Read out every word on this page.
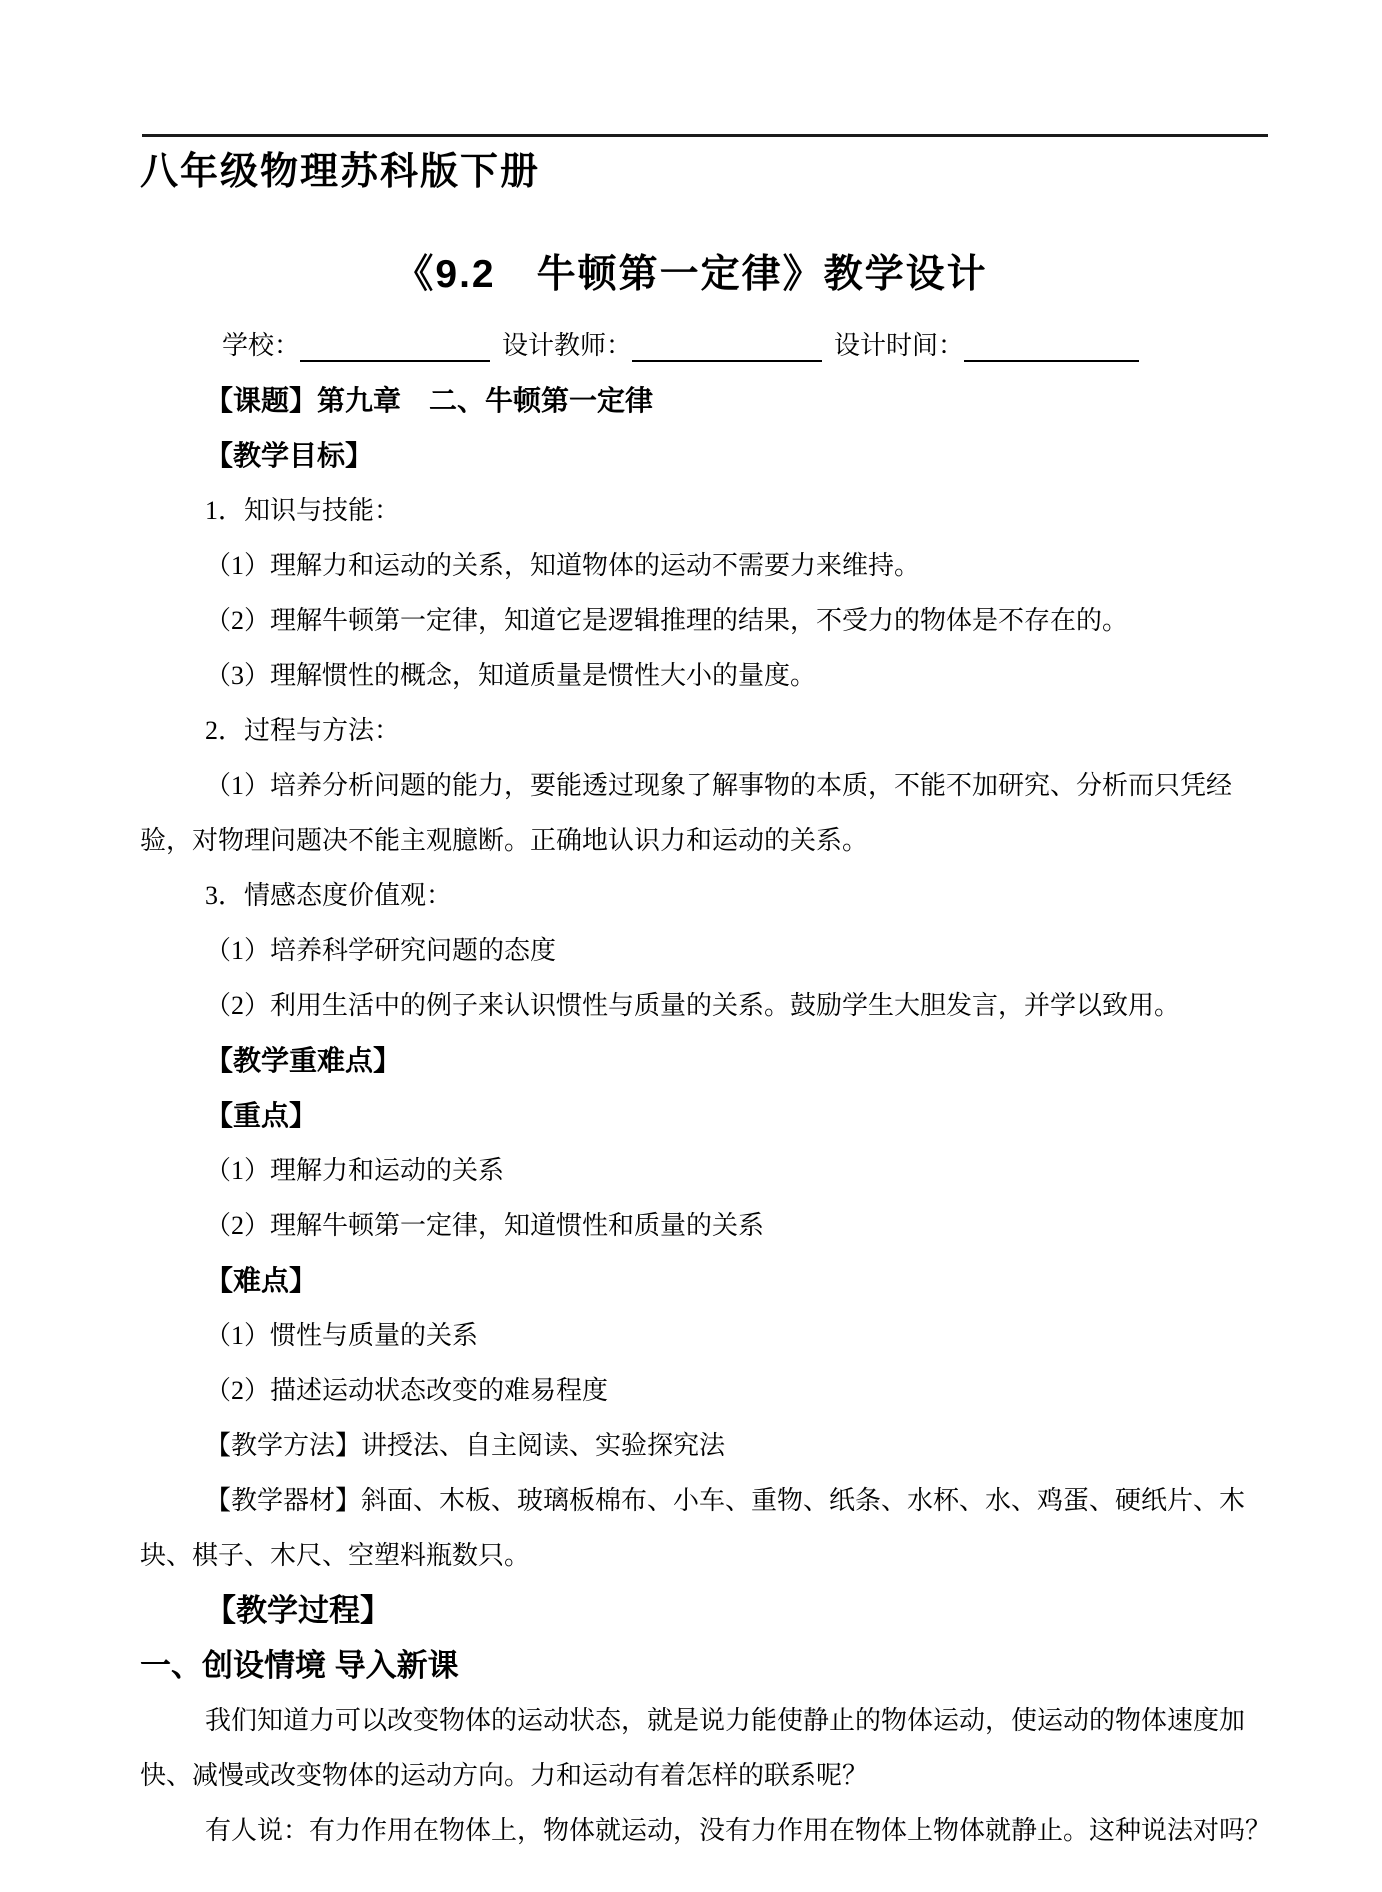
八年级物理苏科版下册
《9.2　牛顿第一定律》教学设计
学校：	设计教师：	设计时间：
【课题】第九章　二、牛顿第一定律
【教学目标】
1．知识与技能：
（1）理解力和运动的关系，知道物体的运动不需要力来维持。
（2）理解牛顿第一定律，知道它是逻辑推理的结果，不受力的物体是不存在的。
（3）理解惯性的概念，知道质量是惯性大小的量度。
2．过程与方法：
（1）培养分析问题的能力，要能透过现象了解事物的本质，不能不加研究、分析而只凭经
验，对物理问题决不能主观臆断。正确地认识力和运动的关系。
3．情感态度价值观：
（1）培养科学研究问题的态度
（2）利用生活中的例子来认识惯性与质量的关系。鼓励学生大胆发言，并学以致用。
【教学重难点】
【重点】
（1）理解力和运动的关系
（2）理解牛顿第一定律，知道惯性和质量的关系
【难点】
（1）惯性与质量的关系
（2）描述运动状态改变的难易程度
【教学方法】讲授法、自主阅读、实验探究法
【教学器材】斜面、木板、玻璃板棉布、小车、重物、纸条、水杯、水、鸡蛋、硬纸片、木
块、棋子、木尺、空塑料瓶数只。
【教学过程】
一、创设情境 导入新课
我们知道力可以改变物体的运动状态，就是说力能使静止的物体运动，使运动的物体速度加
快、减慢或改变物体的运动方向。力和运动有着怎样的联系呢？
有人说：有力作用在物体上，物体就运动，没有力作用在物体上物体就静止。这种说法对吗？
